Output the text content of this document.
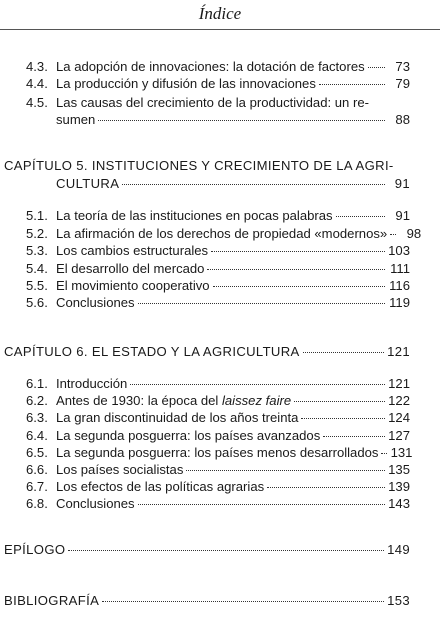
Índice
4.3. La adopción de innovaciones: la dotación de factores	73
4.4. La producción y difusión de las innovaciones	79
4.5. Las causas del crecimiento de la productividad: un re-
sumen	88
CAPÍTULO 5. INSTITUCIONES Y CRECIMIENTO DE LA AGRI-
CULTURA	91
5.1. La teoría de las instituciones en pocas palabras	91
5.2. La afirmación de los derechos de propiedad «modernos»	98
5.3. Los cambios estructurales	103
5.4. El desarrollo del mercado	111
5.5. El movimiento cooperativo	116
5.6. Conclusiones	119
CAPÍTULO 6. EL ESTADO Y LA AGRICULTURA	121
6.1. Introducción	121
6.2. Antes de 1930: la época del laissez faire	122
6.3. La gran discontinuidad de los años treinta	124
6.4. La segunda posguerra: los países avanzados	127
6.5. La segunda posguerra: los países menos desarrollados 131
6.6. Los países socialistas	135
6.7. Los efectos de las políticas agrarias	139
6.8. Conclusiones	143
EPÍLOGO	149
BIBLIOGRAFÍA	153
